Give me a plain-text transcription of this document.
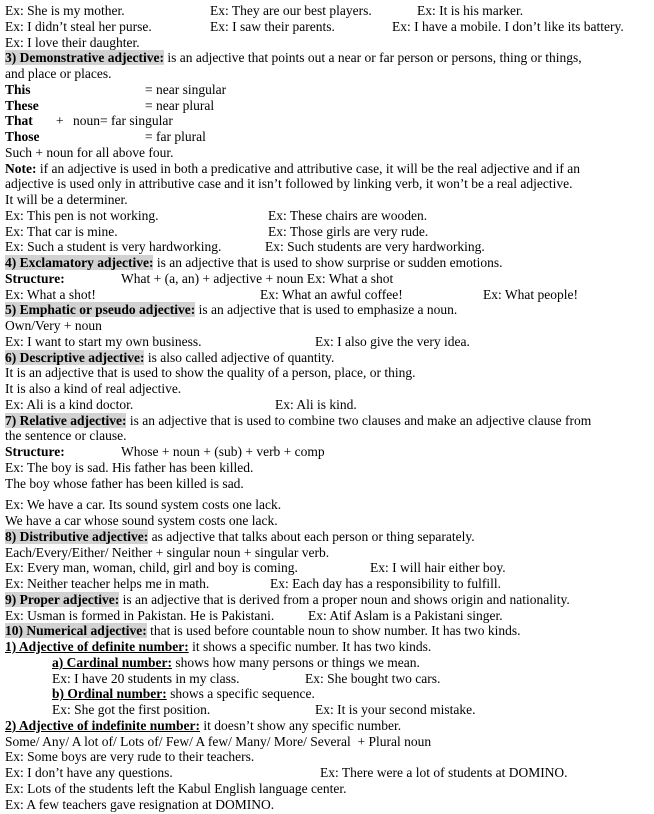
Ex: She is my mother.	Ex: They are our best players.	Ex: It is his marker.
Ex: I didn’t steal her purse.	Ex: I saw their parents.	Ex: I have a mobile. I don’t like its battery.
Ex: I love their daughter.
3) Demonstrative adjective: is an adjective that points out a near or far person or persons, thing or things,
and place or places.
This	= near singular
These	= near plural
That + noun= far singular
Those	= far plural
Such + noun for all above four.
Note: if an adjective is used in both a predicative and attributive case, it will be the real adjective and if an
adjective is used only in attributive case and it isn’t followed by linking verb, it won’t be a real adjective.
It will be a determiner.
Ex: This pen is not working.	Ex: These chairs are wooden.
Ex: That car is mine.	Ex: Those girls are very rude.
Ex: Such a student is very hardworking.	Ex: Such students are very hardworking.
4) Exclamatory adjective: is an adjective that is used to show surprise or sudden emotions.
Structure:	What + (a, an) + adjective + noun Ex: What a shot
Ex: What a shot!	Ex: What an awful coffee!	Ex: What people!
5) Emphatic or pseudo adjective: is an adjective that is used to emphasize a noun.
Own/Very + noun
Ex: I want to start my own business.	Ex: I also give the very idea.
6) Descriptive adjective: is also called adjective of quantity.
It is an adjective that is used to show the quality of a person, place, or thing.
It is also a kind of real adjective.
Ex: Ali is a kind doctor.	Ex: Ali is kind.
7) Relative adjective: is an adjective that is used to combine two clauses and make an adjective clause from
the sentence or clause.
Structure:	Whose + noun + (sub) + verb + comp
Ex: The boy is sad. His father has been killed.
The boy whose father has been killed is sad.
Ex: We have a car. Its sound system costs one lack.
We have a car whose sound system costs one lack.
8) Distributive adjective: as adjective that talks about each person or thing separately.
Each/Every/Either/ Neither + singular noun + singular verb.
Ex: Every man, woman, child, girl and boy is coming.	Ex: I will hair either boy.
Ex: Neither teacher helps me in math.	Ex: Each day has a responsibility to fulfill.
9) Proper adjective: is an adjective that is derived from a proper noun and shows origin and nationality.
Ex: Usman is formed in Pakistan. He is Pakistani.	Ex: Atif Aslam is a Pakistani singer.
10) Numerical adjective: that is used before countable noun to show number. It has two kinds.
1) Adjective of definite number: it shows a specific number. It has two kinds.
a) Cardinal number: shows how many persons or things we mean.
Ex: I have 20 students in my class.	Ex: She bought two cars.
b) Ordinal number: shows a specific sequence.
Ex: She got the first position.	Ex: It is your second mistake.
2) Adjective of indefinite number: it doesn’t show any specific number.
Some/ Any/ A lot of/ Lots of/ Few/ A few/ Many/ More/ Several  + Plural noun
Ex: Some boys are very rude to their teachers.
Ex: I don’t have any questions.	Ex: There were a lot of students at DOMINO.
Ex: Lots of the students left the Kabul English language center.
Ex: A few teachers gave resignation at DOMINO.
